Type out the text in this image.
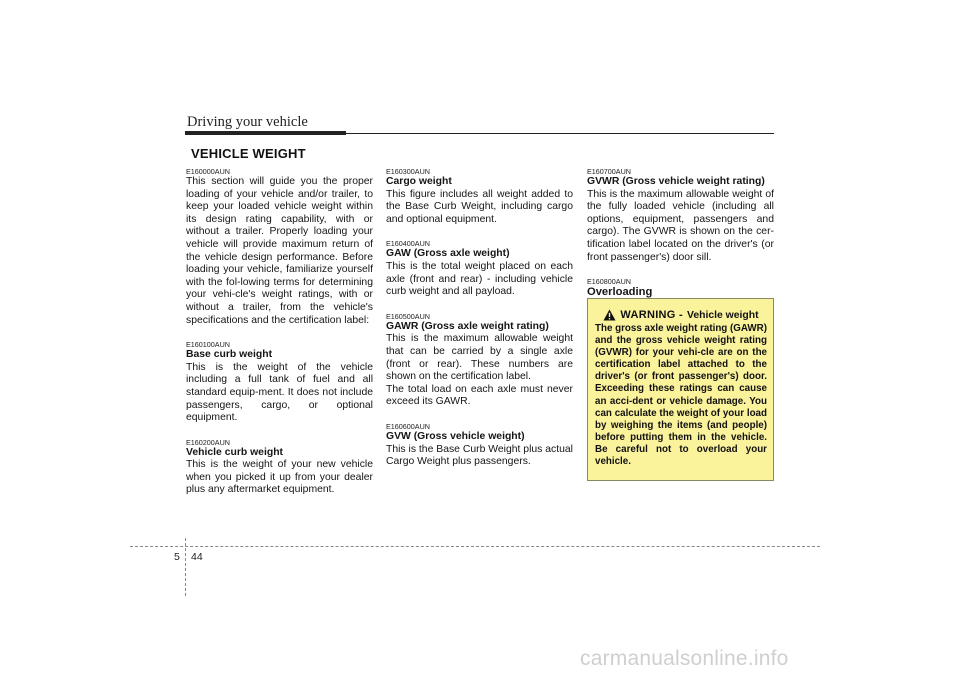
Driving your vehicle
VEHICLE WEIGHT

E160000AUN

This section will guide you the proper loading of your vehicle and/or trailer, to keep your loaded vehicle weight within its design rating capability, with or without a trailer. Properly loading your vehicle will provide maximum return of the vehicle design performance. Before loading your vehicle, familiarize yourself with the fol-lowing terms for determining your vehi-cle's weight ratings, with or without a trailer, from the vehicle's specifications and the certification label:

E160100AUN

Base curb weight

This is the weight of the vehicle including a full tank of fuel and all standard equip-ment. It does not include passengers, cargo, or optional equipment.

E160200AUN

Vehicle curb weight

This is the weight of your new vehicle when you picked it up from your dealer plus any aftermarket equipment.

E160300AUN

Cargo weight

This figure includes all weight added to the Base Curb Weight, including cargo and optional equipment.

E160400AUN

GAW (Gross axle weight)

This is the total weight placed on each axle (front and rear) - including vehicle curb weight and all payload.

E160500AUN

GAWR (Gross axle weight rating)

This is the maximum allowable weight that can be carried by a single axle (front or rear). These numbers are shown on the certification label.

The total load on each axle must never exceed its GAWR.

E160600AUN

GVW (Gross vehicle weight)

This is the Base Curb Weight plus actual Cargo Weight plus passengers.

E160700AUN

GVWR (Gross vehicle weight rating)

This is the maximum allowable weight of the fully loaded vehicle (including all options, equipment, passengers and cargo). The GVWR is shown on the cer-tification label located on the driver's (or front passenger's) door sill.

E160800AUN

Overloading

WARNING - Vehicle weight

The gross axle weight rating (GAWR) and the gross vehicle weight rating (GVWR) for your vehi-cle are on the certification label attached to the driver's (or front passenger's) door. Exceeding these ratings can cause an acci-dent or vehicle damage. You can calculate the weight of your load by weighing the items (and people) before putting them in the vehicle. Be careful not to overload your vehicle.

5 44
carmanualsonline.info
